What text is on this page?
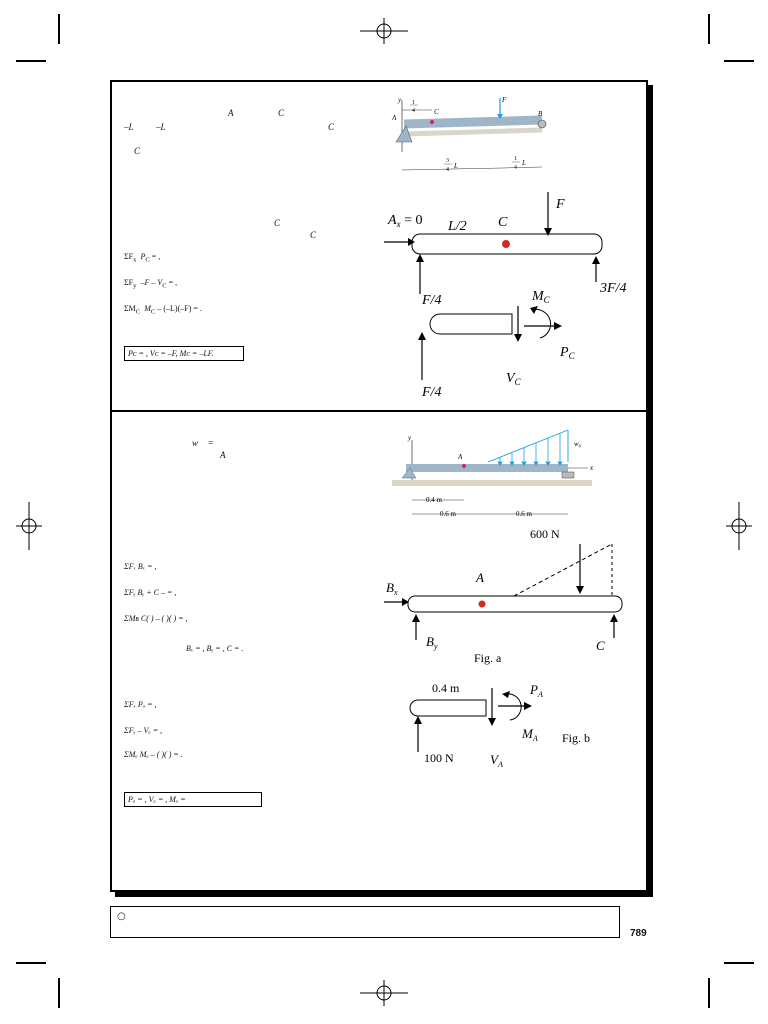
–L –L
A	C
C
C
C
C
$\Sigma F_x$ $P_C$ = ,
$\Sigma F_y$ $-F - V_C$ = ,
$\Sigma M_C$ $M_C - (-L)(-F)$ = .
Pᴄ = , Vᴄ = –F, Mᴄ = –LF.
y
A
C
F
B
1
4
3
4 L
1
4
L
$A_x = 0$ L/2 C
F
F/4
3F/4
F/4
$M_C$
$P_C$
$V_C$
w =
A
ΣFₓ Bₓ = ,
ΣFᵧ Bᵧ + C – = ,
ΣMʙ C( ) – ( )( ) = ,
Bₓ = , Bᵧ = , C = .
ΣFₓ Pₐ = ,
ΣFᵧ – Vₐ = ,
ΣMₐ Mₐ – ( )( ) = .
Pₐ = , Vₐ = , Mₐ =
y
A
x
w₀
0.4 m
0.6 m	0.6 m
600 N
A
$B_x$
$B_y$	C
Fig. a
0.4 m
100 N
$P_A$
$M_A$
$V_A$
Fig. b
○
789
